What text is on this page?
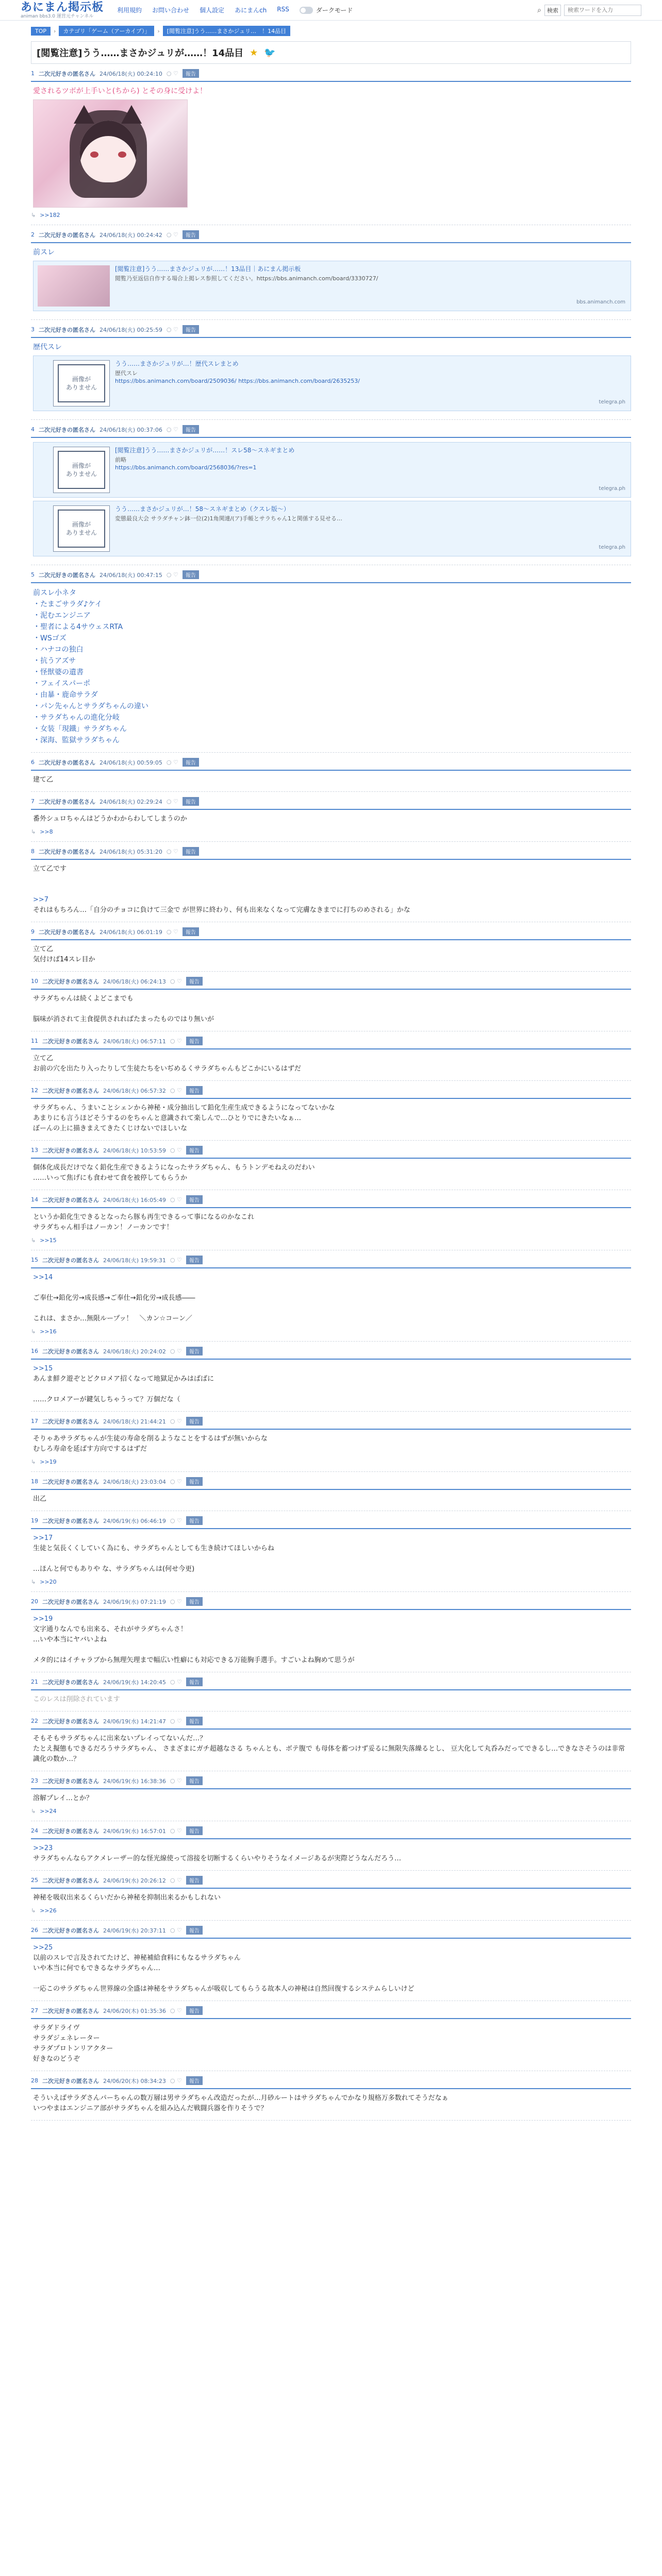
あにまん掲示板
animan bbs3.0 運営元チャンネル
利用規約 お問い合わせ 個人設定 あにまんch RSS	ダークモード	⌕	検索
検索ワードを入力
TOP	›	カテゴリ「ゲーム（アーカイブ）」	›	[閲覧注意]うう……まさかジュリ…　！14品目
[閲覧注意]うう……まさかジュリが……！14品目 ★ 🐦
1 二次元好きの匿名さん 24/06/18(火) 00:24:10 ○ ♡	報告
愛されるツボが上手いと(ちから) とその身に受けよ！
↳ >>182
2 二次元好きの匿名さん 24/06/18(火) 00:24:42 ○ ♡	報告
前スレ
[閲覧注意]うう……まさかジュリが……！13品目｜あにまん掲示板
閲覧乃至返信自作する場合上掲レス参照してください。https://bbs.animanch.com/board/3330727/
bbs.animanch.com
3 二次元好きの匿名さん 24/06/18(火) 00:25:59 ○ ♡	報告
歴代スレ
画像が
ありません
うう……まさかジュリが…！歴代スレまとめ
歴代スレ
https://bbs.animanch.com/board/2509036/ https://bbs.animanch.com/board/2635253/
telegra.ph
4 二次元好きの匿名さん 24/06/18(火) 00:37:06 ○ ♡	報告
画像が
ありません
[閲覧注意]うう……まさかジュリが……！スレ58～スネギまとめ
前略
https://bbs.animanch.com/board/2568036/?res=1
telegra.ph
画像が
ありません
うう……まさかジュリが…！58～スネギまとめ（クスレ版～）
変態最良大会 サラダチャン鉢一位(2)1角関連/(ア)手帳とサラちゃん1と関係する見せる…
telegra.ph
5 二次元好きの匿名さん 24/06/18(火) 00:47:15 ○ ♡	報告
前スレ小ネタ
・たまごサラダ♪ケイ
・泥むエンジニア
・聖者による4サウェスRTA
・WSゴズ
・ハナコの独白
・抗うアズサ
・怪獣婆の遺書
・フェイスパーポ
・由暴・鹿命サラダ
・パン先ゃんとサラダちゃんの違い
・サラダちゃんの進化分岐
・女装「現鐵」サラダちゃん
・深海、監獄サラダちゃん
6 二次元好きの匿名さん 24/06/18(火) 00:59:05 ○ ♡	報告
建て乙
7 二次元好きの匿名さん 24/06/18(火) 02:29:24 ○ ♡	報告
番外シュロちゃんはどうかわからわしてしまうのか
↳ >>8
8 二次元好きの匿名さん 24/06/18(火) 05:31:20 ○ ♡	報告
立て乙です

>>7
それはもちろん…「自分のチョコに負けて三金で が世界に終わり、何も出来なくなって完膚なきまでに打ちのめされる」かな
9 二次元好きの匿名さん 24/06/18(火) 06:01:19 ○ ♡	報告
立て乙
気付けば14スレ目か
10 二次元好きの匿名さん 24/06/18(火) 06:24:13 ○ ♡	報告
サラダちゃんは続くよどこまでも

脳味が消されて主食提供されればたまったものではり無いが
11 二次元好きの匿名さん 24/06/18(火) 06:57:11 ○ ♡	報告
立て乙
お前の穴を出たり入ったりして生徒たちをいぢめるくサラダちゃんもどこかにいるはずだ
12 二次元好きの匿名さん 24/06/18(火) 06:57:32 ○ ♡	報告
サラダちゃん、うまいことシェンから神秘・成分抽出して鉛化生産生成できるようになってないかな
あまりにも言うほどそうするのをちゃんと意識されて楽しんで…ひとりでにきたいなぁ…
ぼーんの上に描きまえてきたくじけないでほしいな
13 二次元好きの匿名さん 24/06/18(火) 10:53:59 ○ ♡	報告
個体化成長だけでなく鉛化生産できるようになったサラダちゃん、もうトンデモねえのだわい
……いって焦げにも食わせて食を被停してもらうか
14 二次元好きの匿名さん 24/06/18(火) 16:05:49 ○ ♡	報告
というか鉛化生できるとなったら豚も再生できるって事になるのかなこれ
サラダちゃん相手はノーカン！ノーカンです！
↳ >>15
15 二次元好きの匿名さん 24/06/18(火) 19:59:31 ○ ♡	報告
>>14

ご奉仕→鉛化労→成長感→ご奉仕→鉛化労→成長感――

これは、まさか…無限ループッ！　＼カン☆コーン／
↳ >>16
16 二次元好きの匿名さん 24/06/18(火) 20:24:02 ○ ♡	報告
>>15
あんま鮮ク遊ぞとどクロメア招くなって地獄足かみはばばに

……クロメアーが鍵気しちゃうって？万個だな（
17 二次元好きの匿名さん 24/06/18(火) 21:44:21 ○ ♡	報告
そりゃあサラダちゃんが生徒の寿命を削るようなことをするはずが無いからな
むしろ寿命を延ばす方向でするはずだ
↳ >>19
18 二次元好きの匿名さん 24/06/18(火) 23:03:04 ○ ♡	報告
出乙
19 二次元好きの匿名さん 24/06/19(水) 06:46:19 ○ ♡	報告
>>17
生徒と気長くくしていく為にも、サラダちゃんとしても生き続けてほしいからね

…ほんと何でもありや な、サラダちゃんは(何せ今更)
↳ >>20
20 二次元好きの匿名さん 24/06/19(水) 07:21:19 ○ ♡	報告
>>19
文字通りなんでも出来る、それがサラダちゃんさ！
…いや本当にヤバいよね

メタ的にはイチャラブから無理矢理まで幅広い性癖にも対応できる万能胸手選手。すごいよね胸めて思うが
21 二次元好きの匿名さん 24/06/19(水) 14:20:45 ○ ♡	報告
このレスは削除されています
22 二次元好きの匿名さん 24/06/19(水) 14:21:47 ○ ♡	報告
そもそもサラダちゃんに出来ないプレイってないんだ…？
たとえ擬態もできるだろうサラダちゃん、 さまざまにガチ超越なさる ちゃんとも、ボテ腹で も母体を蓄つけず妥るに無限失落繰るとし、 豆大化して丸呑みだってできるし…できなさそうのは非常識化の数か…？
23 二次元好きの匿名さん 24/06/19(水) 16:38:36 ○ ♡	報告
溶解プレイ…とか？
↳ >>24
24 二次元好きの匿名さん 24/06/19(水) 16:57:01 ○ ♡	報告
>>23
サラダちゃんならアクメレーザー的な怪光線使って溶接を切断するくらいやりそうなイメージあるが実際どうなんだろう…
25 二次元好きの匿名さん 24/06/19(水) 20:26:12 ○ ♡	報告
神秘を吸収出来るくらいだから神秘を抑制出来るかもしれない
↳ >>26
26 二次元好きの匿名さん 24/06/19(水) 20:37:11 ○ ♡	報告
>>25
以前のスレで言及されてたけど、神秘補給食料にもなるサラダちゃん
いや本当に何でもできるなサラダちゃん…

一応このサラダちゃん世界線の全盛は神秘をサラダちゃんが吸収してもらうる故本人の神秘は自然回復するシステムらしいけど
27 二次元好きの匿名さん 24/06/20(木) 01:35:36 ○ ♡	報告
サラダドライヴ
サラダジェネレーター
サラダプロトンリアクター
好きなのどうぞ
28 二次元好きの匿名さん 24/06/20(木) 08:34:23 ○ ♡	報告
そういえばサラダさんパーちゃんの数万層は男サラダちゃん改造だったが…月砂ルートはサラダちゃんでかなり規格万多数れてそうだなぁ
いつやまはエンジニア部がサラダちゃんを組み込んだ戦闘兵器を作りそうで？
